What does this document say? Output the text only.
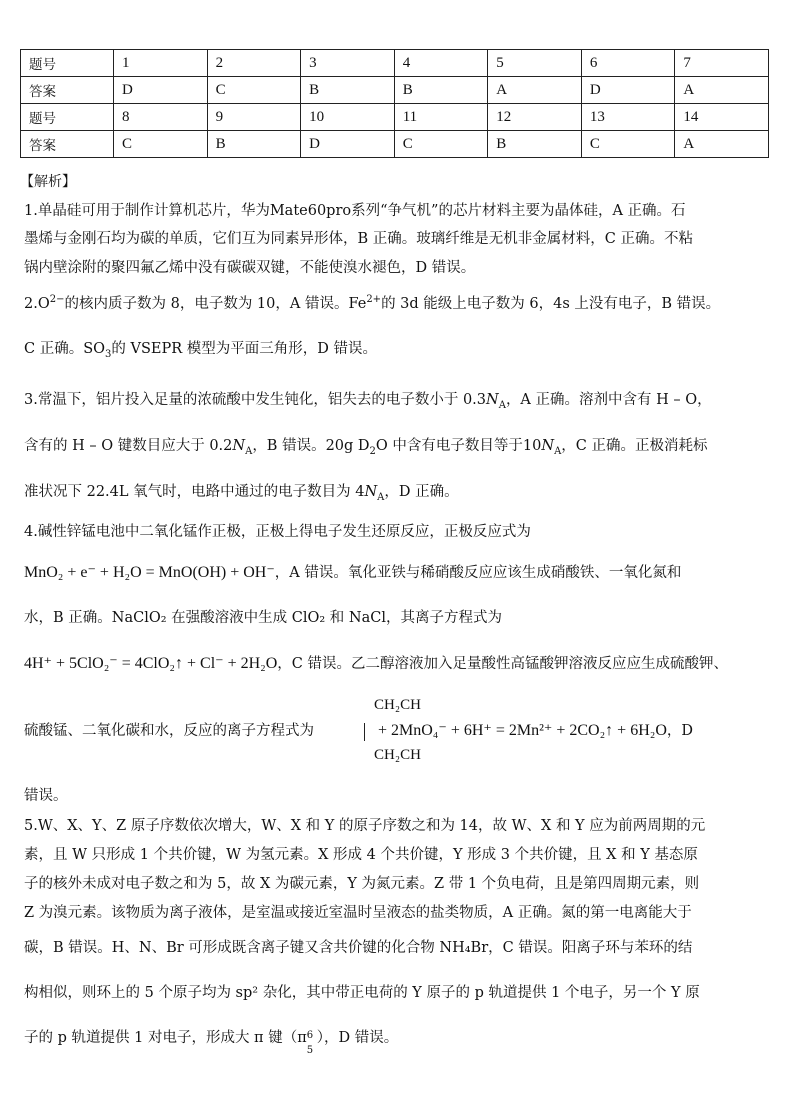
题号	1	2	3	4	5	6	7
答案	D	C	B	B	A	D	A
题号	8	9	10	11	12	13	14
答案	C	B	D	C	B	C	A
【解析】
1.单晶硅可用于制作计算机芯片，华为Mate60pro系列“争气机”的芯片材料主要为晶体硅，A 正确。石
墨烯与金刚石均为碳的单质，它们互为同素异形体，B 正确。玻璃纤维是无机非金属材料，C 正确。不粘
锅内壁涂附的聚四氟乙烯中没有碳碳双键，不能使溴水褪色，D 错误。
$2.O^{2-}$的核内质子数为 8，电子数为 10，A 错误。$Fe^{2+}$的 3d 能级上电子数为 6，4s 上没有电子，B 错误。
C 正确。$SO_3$的 VSEPR 模型为平面三角形，D 错误。
3.常温下，铝片投入足量的浓硫酸中发生钝化，铝失去的电子数小于 $0.3N_A$，A 正确。溶剂中含有 H – O，
含有的 H – O 键数目应大于 $0.2N_A$，B 错误。20g $D_2O$ 中含有电子数目等于$10N_A$，C 正确。正极消耗标
准状况下 22.4L 氧气时，电路中通过的电子数目为 $4N_A$，D 正确。
4.碱性锌锰电池中二氧化锰作正极，正极上得电子发生还原反应，正极反应式为
MnO₂ + e⁻ + H₂O = MnO(OH) + OH⁻，A 错误。氧化亚铁与稀硝酸反应应该生成硝酸铁、一氧化氮和
水，B 正确。NaClO₂ 在强酸溶液中生成 ClO₂ 和 NaCl，其离子方程式为
4H⁺ + 5ClO₂⁻ = 4ClO₂↑ + Cl⁻ + 2H₂O，C 错误。乙二醇溶液加入足量酸性高锰酸钾溶液反应应生成硫酸钾、
CH₂CH
硫酸锰、二氧化碳和水，反应的离子方程式为	+ 2MnO₄⁻ + 6H⁺ = 2Mn²⁺ + 2CO₂↑ + 6H₂O，D
CH₂CH
错误。
5.W、X、Y、Z 原子序数依次增大，W、X 和 Y 的原子序数之和为 14，故 W、X 和 Y 应为前两周期的元
素，且 W 只形成 1 个共价键，W 为氢元素。X 形成 4 个共价键，Y 形成 3 个共价键，且 X 和 Y 基态原
子的核外未成对电子数之和为 5，故 X 为碳元素，Y 为氮元素。Z 带 1 个负电荷，且是第四周期元素，则
Z 为溴元素。该物质为离子液体，是室温或接近室温时呈液态的盐类物质，A 正确。氮的第一电离能大于
碳，B 错误。H、N、Br 可形成既含离子键又含共价键的化合物 NH₄Br，C 错误。阳离子环与苯环的结
构相似，则环上的 5 个原子均为 sp² 杂化，其中带正电荷的 Y 原子的 p 轨道提供 1 个电子，另一个 Y 原
子的 p 轨道提供 1 对电子，形成大 π 键（π 6
5
），D 错误。
